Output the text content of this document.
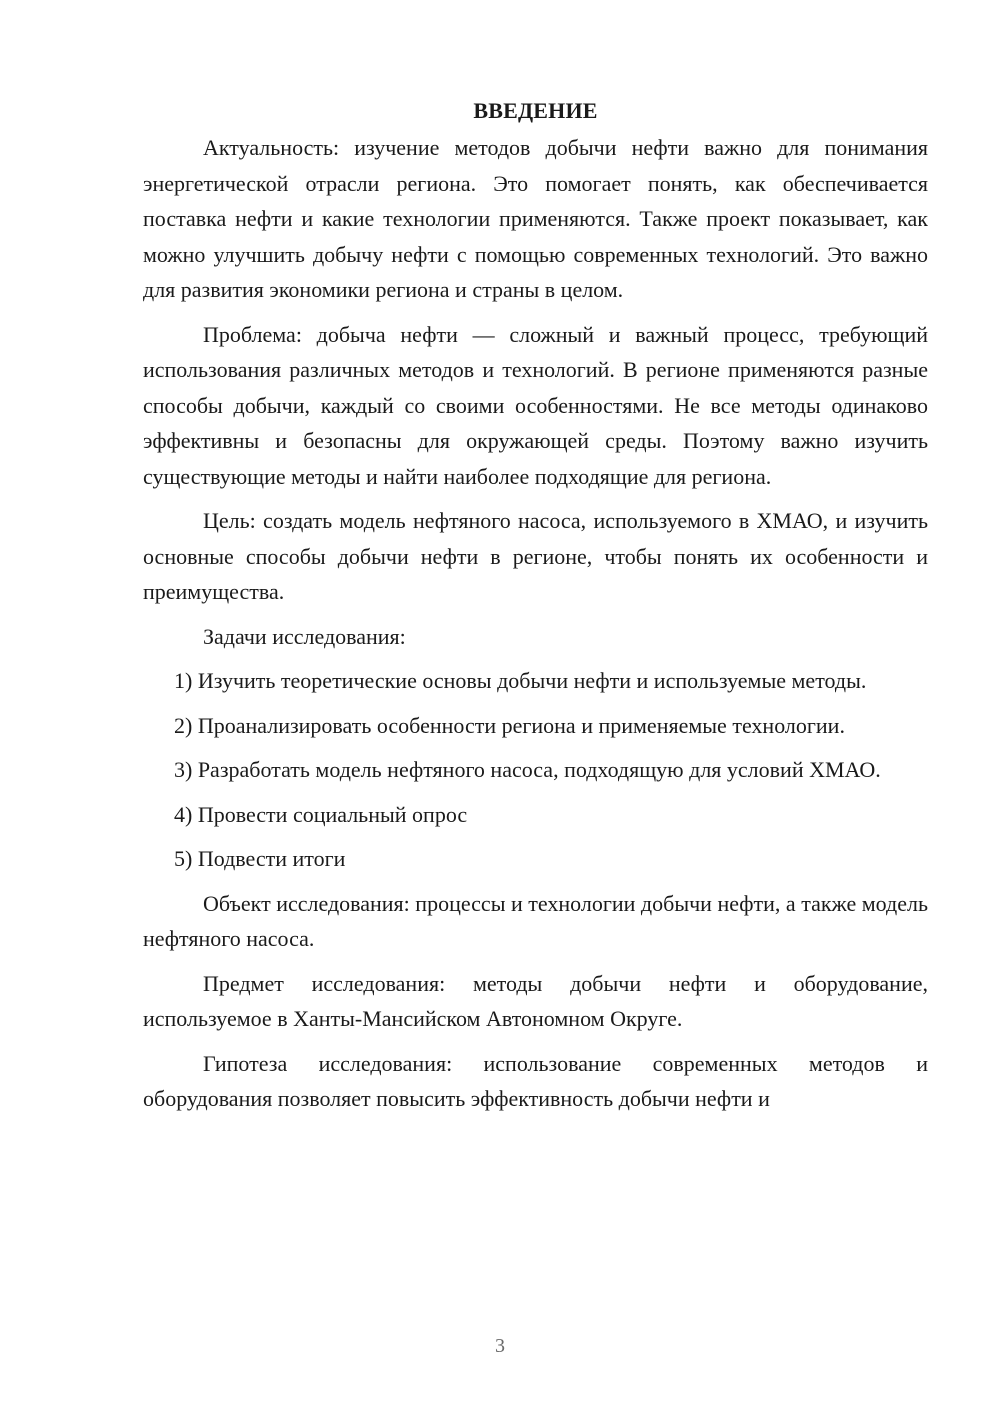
ВВЕДЕНИЕ

Актуальность: изучение методов добычи нефти важно для понимания энергетической отрасли региона. Это помогает понять, как обеспечивается поставка нефти и какие технологии применяются. Также проект показывает, как можно улучшить добычу нефти с помощью современных технологий. Это важно для развития экономики региона и страны в целом.

Проблема: добыча нефти — сложный и важный процесс, требующий использования различных методов и технологий. В регионе применяются разные способы добычи, каждый со своими особенностями. Не все методы одинаково эффективны и безопасны для окружающей среды. Поэтому важно изучить существующие методы и найти наиболее подходящие для региона.

Цель: создать модель нефтяного насоса, используемого в ХМАО, и изучить основные способы добычи нефти в регионе, чтобы понять их особенности и преимущества.

Задачи исследования:

1) Изучить теоретические основы добычи нефти и используемые методы.

2) Проанализировать особенности региона и применяемые технологии.

3) Разработать модель нефтяного насоса, подходящую для условий ХМАО.

4) Провести социальный опрос

5) Подвести итоги

Объект исследования: процессы и технологии добычи нефти, а также модель нефтяного насоса.

Предмет исследования: методы добычи нефти и оборудование, используемое в Ханты-Мансийском Автономном Округе.

Гипотеза исследования: использование современных методов и оборудования позволяет повысить эффективность добычи нефти и

3
